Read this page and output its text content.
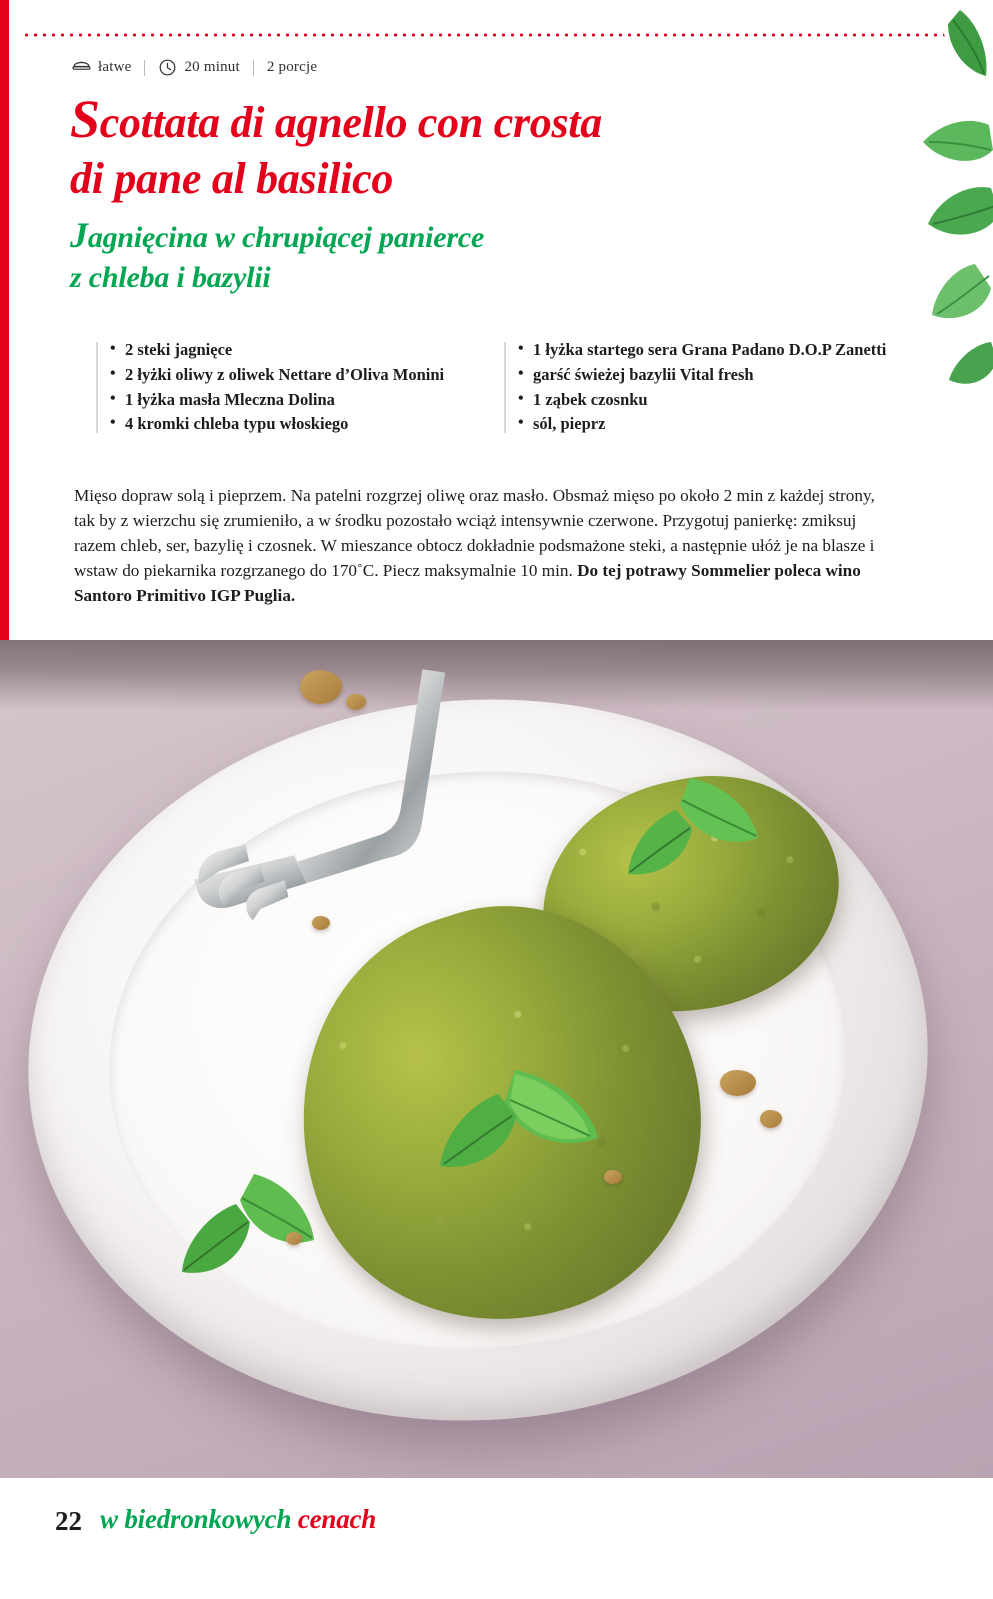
łatwe	20 minut 2 porcje
Scottata di agnello con crosta
di pane al basilico
Jagnięcina w chrupiącej panierce
z chleba i bazylii
• 2 steki jagnięce
• 2 łyżki oliwy z oliwek Nettare d’Oliva Monini
• 1 łyżka masła Mleczna Dolina
• 4 kromki chleba typu włoskiego
• 1 łyżka startego sera Grana Padano D.O.P Zanetti
• garść świeżej bazylii Vital fresh
• 1 ząbek czosnku
• sól, pieprz
Mięso dopraw solą i pieprzem. Na patelni rozgrzej oliwę oraz masło. Obsmaż mięso po około 2 min z każdej strony, tak by z wierzchu się zrumieniło, a w środku pozostało wciąż intensywnie czerwone. Przygotuj panierkę: zmiksuj razem chleb, ser, bazylię i czosnek. W mieszance obtocz dokładnie podsmażone steki, a następnie ułóż je na blasze i wstaw do piekarnika rozgrzanego do 170˚C. Piecz maksymalnie 10 min. Do tej potrawy Sommelier poleca wino Santoro Primitivo IGP Puglia.
22 w biedronkowych cenach
